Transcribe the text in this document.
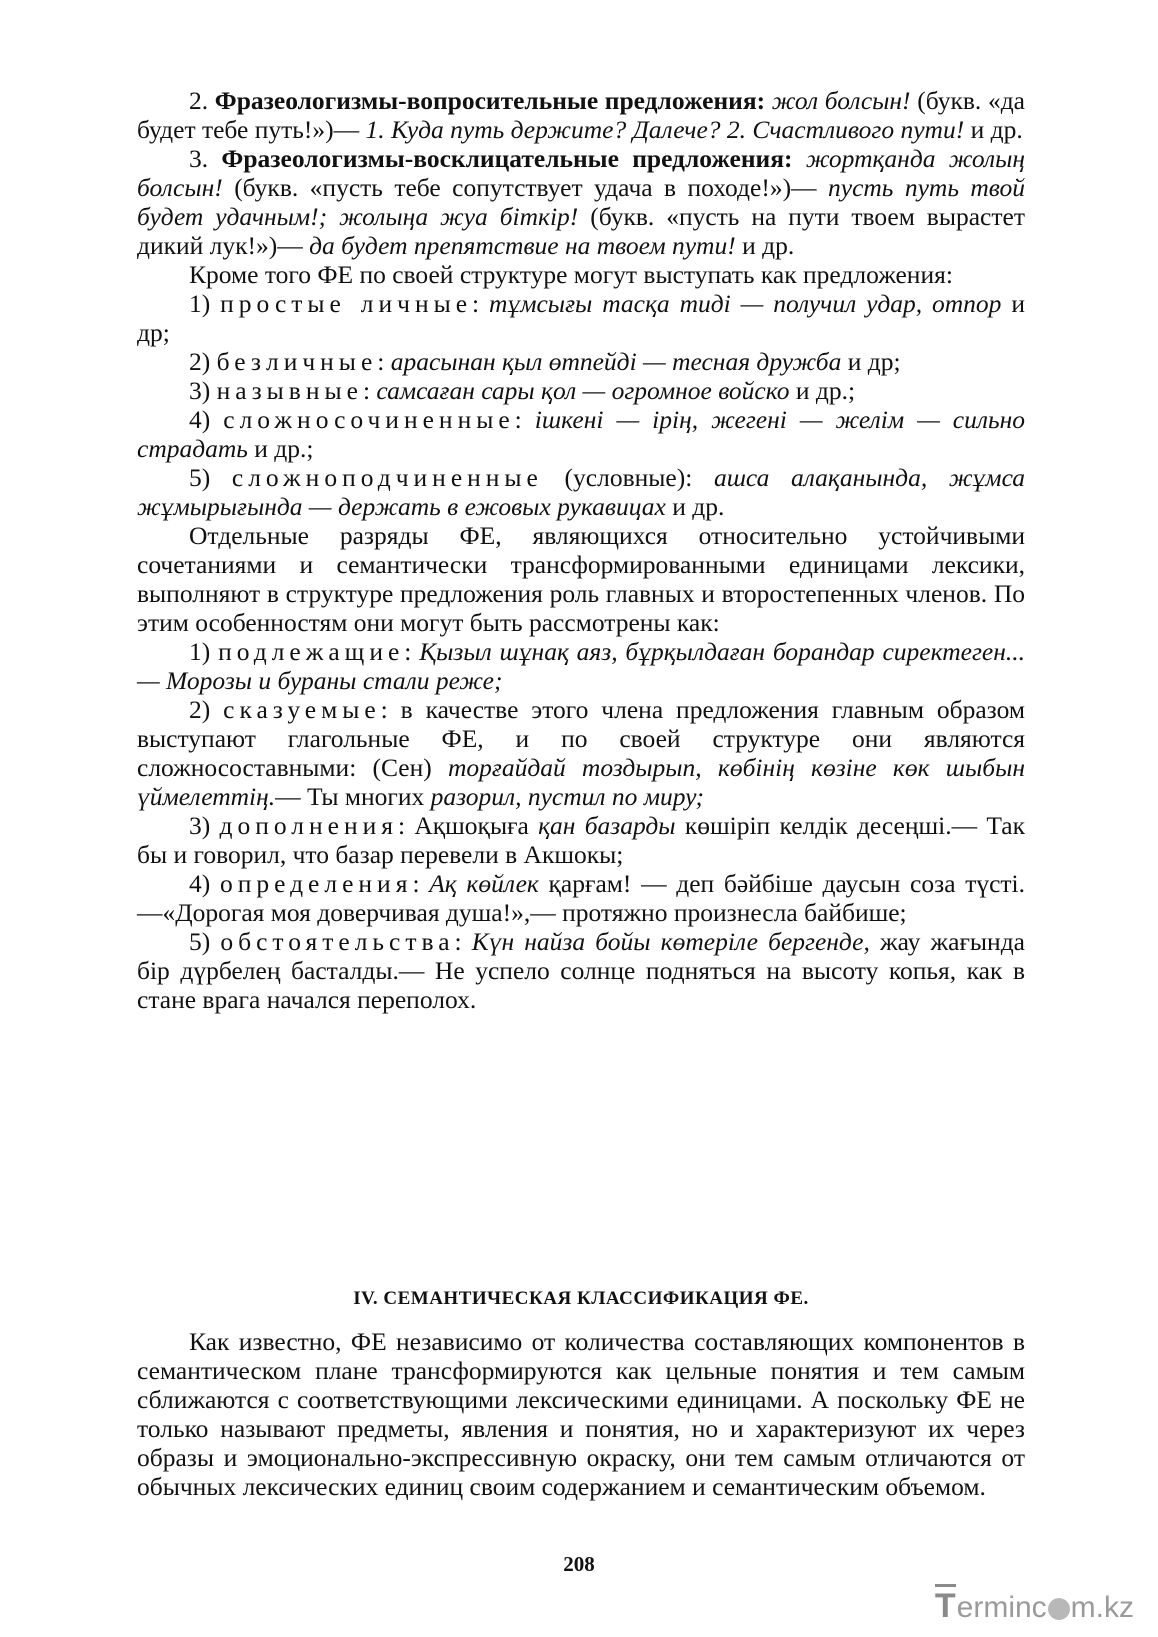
2. Фразеологизмы-вопросительные предложения: жол болсын! (букв. «да будет тебе путь!»)— 1. Куда путь держите? Далече? 2. Счастливого пути! и др.

3. Фразеологизмы-восклицательные предложения: жортқанда жолың болсын! (букв. «пусть тебе сопутствует удача в походе!»)— пусть путь твой будет удачным!; жолыңа жуа біткір! (букв. «пусть на пути твоем вырастет дикий лук!»)— да будет препятствие на твоем пути! и др.

Кроме того ФЕ по своей структуре могут выступать как предложения:

1) простые личные: тұмсығы тасқа тиді — получил удар, отпор и др;

2) безличные: арасынан қыл өтпейді — тесная дружба и др;

3) назывные: самсаған сары қол — огромное войско и др.;

4) сложносочиненные: ішкені — ірің, жегені — желім — сильно страдать и др.;

5) сложноподчиненные (условные): ашса алақанында, жұмса жұмырығында — держать в ежовых рукавицах и др.

Отдельные разряды ФЕ, являющихся относительно устойчивыми сочетаниями и семантически трансформированными единицами лексики, выполняют в структуре предложения роль главных и второстепенных членов. По этим особенностям они могут быть рассмотрены как:

1) подлежащие: Қызыл шұнақ аяз, бұрқылдаған борандар сиректеген...— Морозы и бураны стали реже;

2) сказуемые: в качестве этого члена предложения главным образом выступают глагольные ФЕ, и по своей структуре они являются сложносоставными: (Сен) торғайдай тоздырып, көбінің көзіне көк шыбын үймелеттің.— Ты многих разорил, пустил по миру;

3) дополнения: Ақшоқыға қан базарды көшіріп келдік десеңші.— Так бы и говорил, что базар перевели в Акшокы;

4) определения: Ақ көйлек қарғам! — деп бәйбіше даусын соза түсті.—«Дорогая моя доверчивая душа!»,— протяжно произнесла байбише;

5) обстоятельства: Күн найза бойы көтеріле бергенде, жау жағында бір дүрбелең басталды.— Не успело солнце подняться на высоту копья, как в стане врага начался переполох.

IV. СЕМАНТИЧЕСКАЯ КЛАССИФИКАЦИЯ ФЕ.

Как известно, ФЕ независимо от количества составляющих компонентов в семантическом плане трансформируются как цельные понятия и тем самым сближаются с соответствующими лексическими единицами. А поскольку ФЕ не только называют предметы, явления и понятия, но и характеризуют их через образы и эмоционально-экспрессивную окраску, они тем самым отличаются от обычных лексических единиц своим содержанием и семантическим объемом.

208
T ermin c m.kz
